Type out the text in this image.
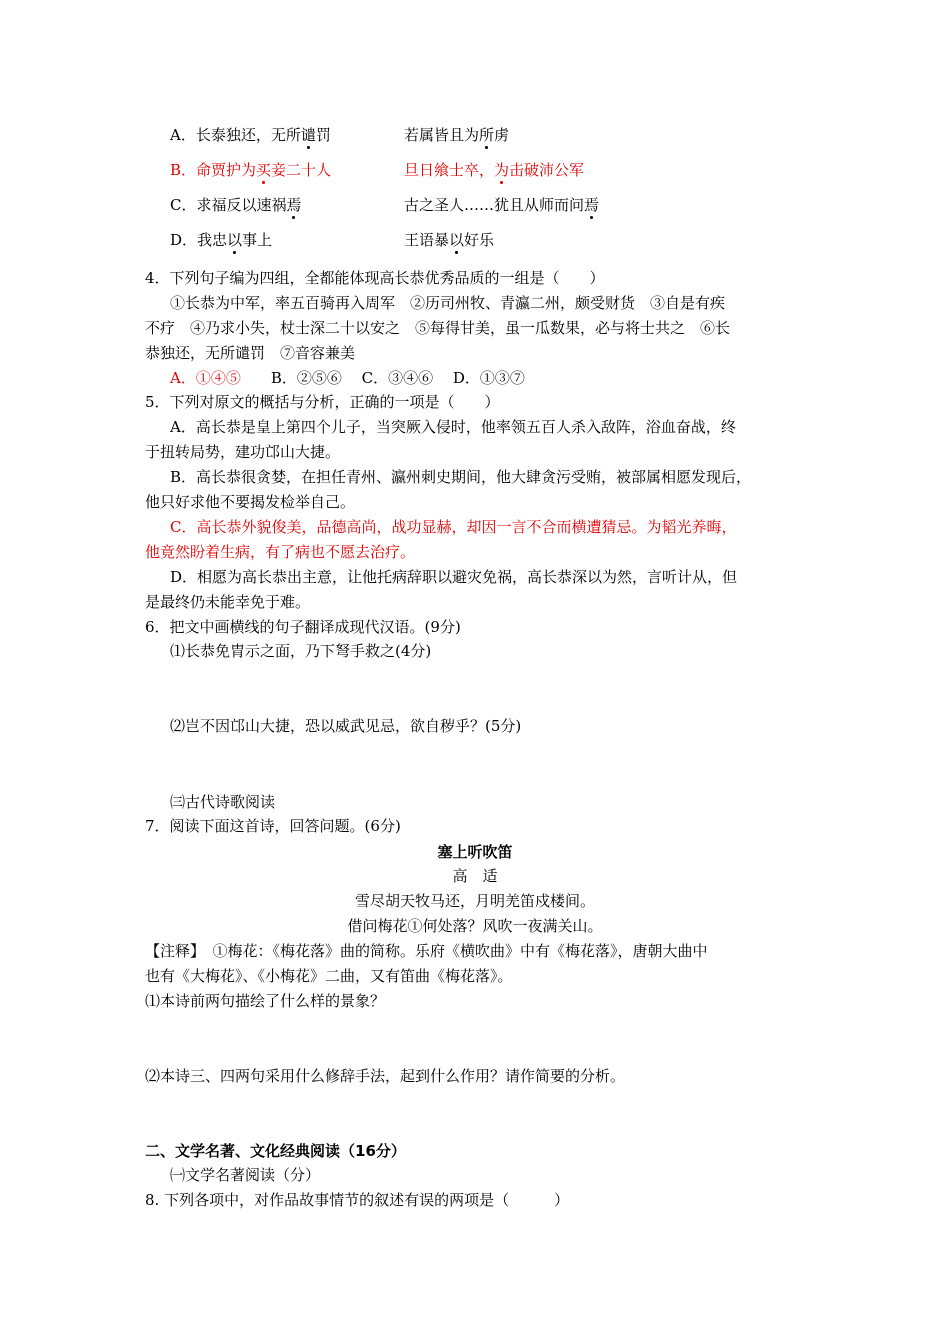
A．长泰独还，无所谴罚	若属皆且为所虏
B．命贾护为买妾二十人	旦日飨士卒，为击破沛公军
C．求福反以速祸焉	古之圣人……犹且从师而问焉
D．我忠以事上	王语暴以好乐
4．下列句子编为四组，全都能体现高长恭优秀品质的一组是（　　）
①长恭为中军，率五百骑再入周军　②历司州牧、青瀛二州，颇受财货　③自是有疾
不疗　④乃求小失，杖士深二十以安之　⑤每得甘美，虽一瓜数果，必与将士共之　⑥长
恭独还，无所谴罚　⑦音容兼美
A．①④⑤　　 B．②⑤⑥　 C．③④⑥　 D．①③⑦
5．下列对原文的概括与分析，正确的一项是（　　）
A．高长恭是皇上第四个儿子，当突厥入侵时，他率领五百人杀入敌阵，浴血奋战，终
于扭转局势，建功邙山大捷。
B．高长恭很贪婪，在担任青州、瀛州刺史期间，他大肆贪污受贿，被部属相愿发现后，
他只好求他不要揭发检举自己。
C．高长恭外貌俊美，品德高尚，战功显赫，却因一言不合而横遭猜忌。为韬光养晦，
他竟然盼着生病，有了病也不愿去治疗。
D．相愿为高长恭出主意，让他托病辞职以避灾免祸，高长恭深以为然，言听计从，但
是最终仍未能幸免于难。
6．把文中画横线的句子翻译成现代汉语。(9分)
⑴长恭免胄示之面，乃下弩手救之(4分)
⑵岂不因邙山大捷，恐以威武见忌，欲自秽乎？(5分)
㈢古代诗歌阅读
7．阅读下面这首诗，回答问题。(6分)
塞上听吹笛
高　适
雪尽胡天牧马还，月明羌笛戍楼间。
借问梅花①何处落？风吹一夜满关山。
【注释】　①梅花：《梅花落》曲的简称。乐府《横吹曲》中有《梅花落》，唐朝大曲中
也有《大梅花》、《小梅花》二曲，又有笛曲《梅花落》。
⑴本诗前两句描绘了什么样的景象？
⑵本诗三、四两句采用什么修辞手法，起到什么作用？请作简要的分析。
二、文学名著、文化经典阅读（16分）
㈠文学名著阅读（分）
8. 下列各项中，对作品故事情节的叙述有误的两项是（　　　）
